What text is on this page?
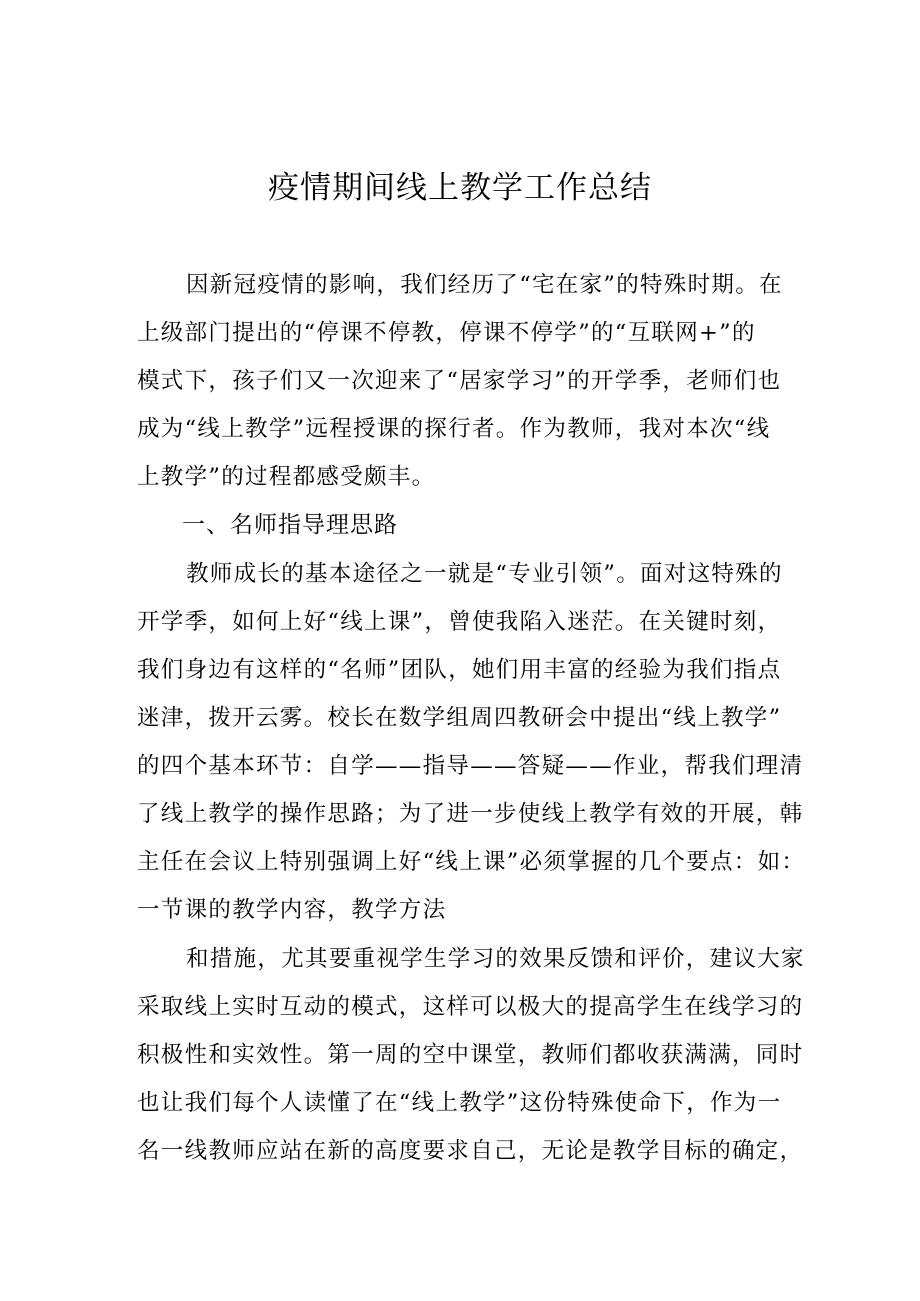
疫情期间线上教学工作总结

因新冠疫情的影响，我们经历了“宅在家”的特殊时期。在

上级部门提出的“停课不停教，停课不停学”的“互联网+”的

模式下，孩子们又一次迎来了“居家学习”的开学季，老师们也

成为“线上教学”远程授课的探行者。作为教师，我对本次“线

上教学”的过程都感受颇丰。

一、名师指导理思路

教师成长的基本途径之一就是“专业引领”。面对这特殊的

开学季，如何上好“线上课”，曾使我陷入迷茫。在关键时刻，

我们身边有这样的“名师”团队，她们用丰富的经验为我们指点

迷津，拨开云雾。校长在数学组周四教研会中提出“线上教学”

的四个基本环节：自学——指导——答疑——作业，帮我们理清

了线上教学的操作思路；为了进一步使线上教学有效的开展，韩

主任在会议上特别强调上好“线上课”必须掌握的几个要点：如：

一节课的教学内容，教学方法

和措施，尤其要重视学生学习的效果反馈和评价，建议大家

采取线上实时互动的模式，这样可以极大的提高学生在线学习的

积极性和实效性。第一周的空中课堂，教师们都收获满满，同时

也让我们每个人读懂了在“线上教学”这份特殊使命下，作为一

名一线教师应站在新的高度要求自己，无论是教学目标的确定，
